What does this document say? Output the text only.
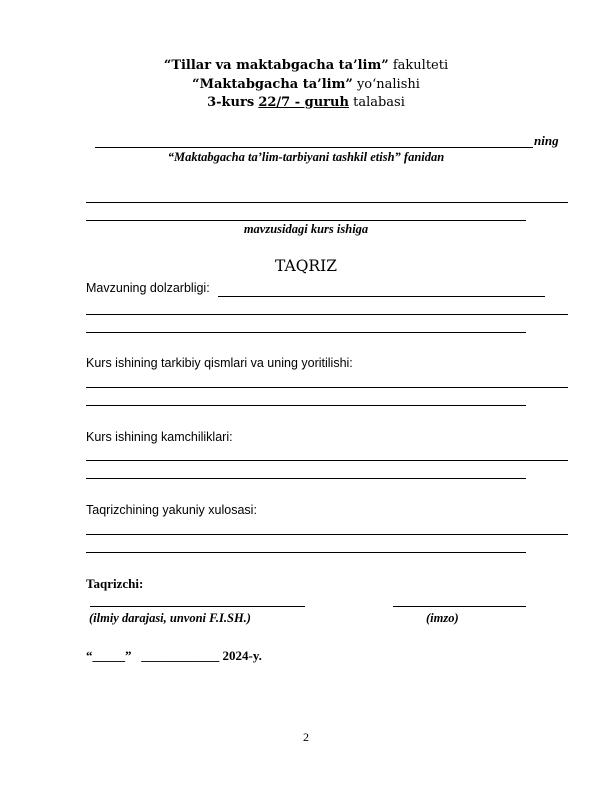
“Tillar va maktabgacha ta’lim” fakulteti
“Maktabgacha ta’lim” yo‘nalishi
3-kurs 22/7 - guruh talabasi
ning
“Maktabgacha ta’lim-tarbiyani tashkil etish” fanidan
mavzusidagi kurs ishiga
TAQRIZ
Mavzuning dolzarbligi:
Kurs ishining tarkibiy qismlari va uning yoritilishi:
Kurs ishining kamchiliklari:
Taqrizchining yakuniy xulosasi:
Taqrizchi:
(ilmiy darajasi, unvoni F.I.SH.)	(imzo)
“_____” ____________ 2024-y.
2
